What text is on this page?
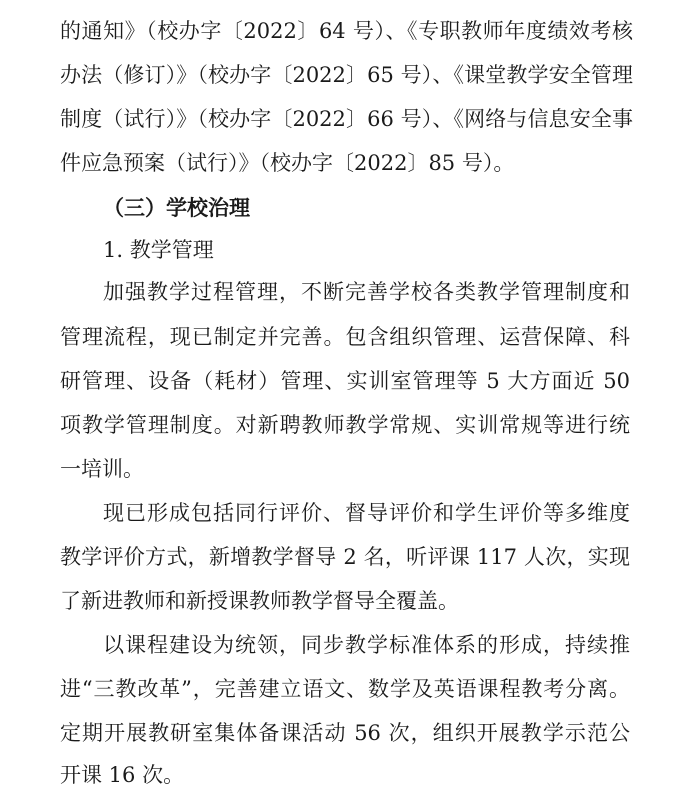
的通知》（校办字〔2022〕64 号）、《专职教师年度绩效考核
办法（修订）》（校办字〔2022〕65 号）、《课堂教学安全管理
制度（试行）》（校办字〔2022〕66 号）、《网络与信息安全事
件应急预案（试行）》（校办字〔2022〕85 号）。
（三）学校治理
1. 教学管理
加强教学过程管理，不断完善学校各类教学管理制度和
管理流程，现已制定并完善。包含组织管理、运营保障、科
研管理、设备（耗材）管理、实训室管理等 5 大方面近 50
项教学管理制度。对新聘教师教学常规、实训常规等进行统
一培训。
现已形成包括同行评价、督导评价和学生评价等多维度
教学评价方式，新增教学督导 2 名，听评课 117 人次，实现
了新进教师和新授课教师教学督导全覆盖。
以课程建设为统领，同步教学标准体系的形成，持续推
进“三教改革”，完善建立语文、数学及英语课程教考分离。
定期开展教研室集体备课活动 56 次，组织开展教学示范公
开课 16 次。
